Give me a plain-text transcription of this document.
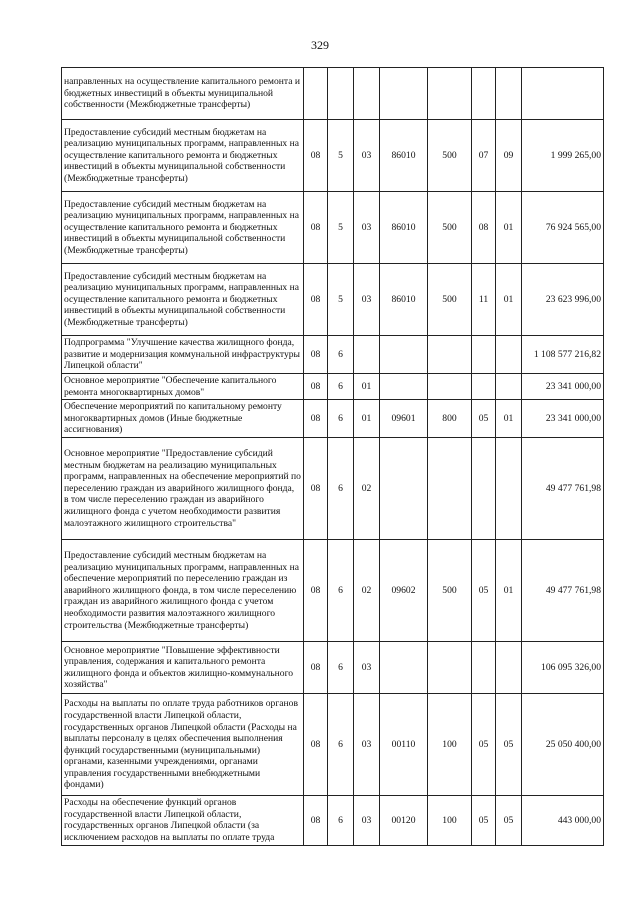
329
направленных на осуществление капитального ремонта и бюджетных инвестиций в объекты муниципальной собственности (Межбюджетные трансферты)								
Предоставление субсидий местным бюджетам на реализацию муниципальных программ, направленных на осуществление капитального ремонта и бюджетных инвестиций в объекты муниципальной собственности (Межбюджетные трансферты)	08	5	03	86010	500	07	09	1 999 265,00
Предоставление субсидий местным бюджетам на реализацию муниципальных программ, направленных на осуществление капитального ремонта и бюджетных инвестиций в объекты муниципальной собственности (Межбюджетные трансферты)	08	5	03	86010	500	08	01	76 924 565,00
Предоставление субсидий местным бюджетам на реализацию муниципальных программ, направленных на осуществление капитального ремонта и бюджетных инвестиций в объекты муниципальной собственности (Межбюджетные трансферты)	08	5	03	86010	500	11	01	23 623 996,00
Подпрограмма "Улучшение качества жилищного фонда, развитие и модернизация коммунальной инфраструктуры Липецкой области"	08	6						1 108 577 216,82
Основное мероприятие "Обеспечение капитального ремонта многоквартирных домов"	08	6	01					23 341 000,00
Обеспечение мероприятий по капитальному ремонту многоквартирных домов (Иные бюджетные ассигнования)	08	6	01	09601	800	05	01	23 341 000,00
Основное мероприятие "Предоставление субсидий местным бюджетам на реализацию муниципальных программ, направленных на обеспечение мероприятий по переселению граждан из аварийного жилищного фонда, в том числе переселению граждан из аварийного жилищного фонда с учетом необходимости развития малоэтажного жилищного строительства"	08	6	02					49 477 761,98
Предоставление субсидий местным бюджетам на реализацию муниципальных программ, направленных на обеспечение мероприятий по переселению граждан из аварийного жилищного фонда, в том числе переселению граждан из аварийного жилищного фонда с учетом необходимости развития малоэтажного жилищного строительства (Межбюджетные трансферты)	08	6	02	09602	500	05	01	49 477 761,98
Основное мероприятие "Повышение эффективности управления, содержания и капитального ремонта жилищного фонда и объектов жилищно-коммунального хозяйства"	08	6	03					106 095 326,00
Расходы на выплаты по оплате труда работников органов государственной власти Липецкой области, государственных органов Липецкой области (Расходы на выплаты персоналу в целях обеспечения выполнения функций государственными (муниципальными) органами, казенными учреждениями, органами управления государственными внебюджетными фондами)	08	6	03	00110	100	05	05	25 050 400,00
Расходы на обеспечение функций органов государственной власти Липецкой области, государственных органов Липецкой области (за исключением расходов на выплаты по оплате труда	08	6	03	00120	100	05	05	443 000,00
